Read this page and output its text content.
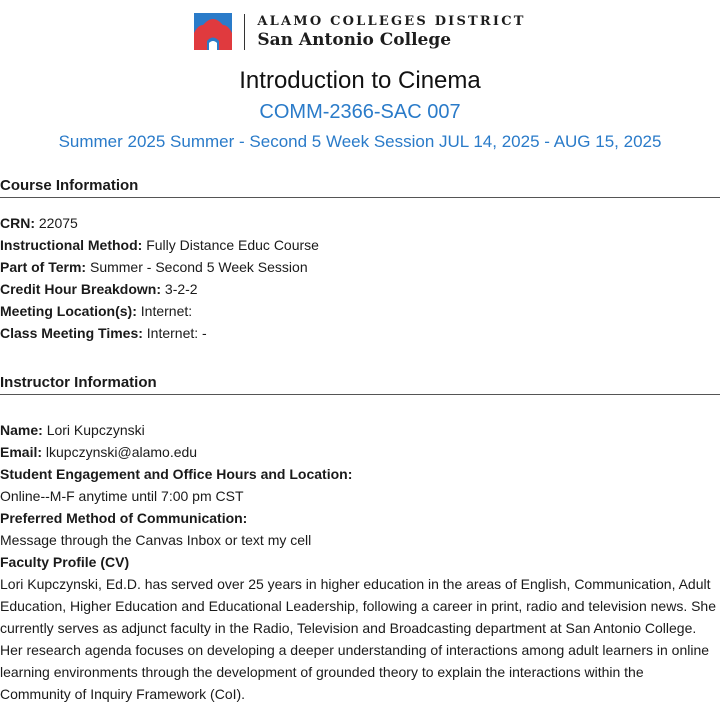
ALAMO COLLEGES DISTRICT
San Antonio College
Introduction to Cinema
COMM-2366-SAC 007
Summer 2025 Summer - Second 5 Week Session JUL 14, 2025 - AUG 15, 2025
Course Information
CRN: 22075
Instructional Method: Fully Distance Educ Course
Part of Term: Summer - Second 5 Week Session
Credit Hour Breakdown: 3-2-2
Meeting Location(s): Internet:
Class Meeting Times: Internet: -
Instructor Information
Name: Lori Kupczynski
Email: lkupczynski@alamo.edu
Student Engagement and Office Hours and Location:
Online--M-F anytime until 7:00 pm CST
Preferred Method of Communication:
Message through the Canvas Inbox or text my cell
Faculty Profile (CV)

Lori Kupczynski, Ed.D. has served over 25 years in higher education in the areas of English, Communication, Adult Education, Higher Education and Educational Leadership, following a career in print, radio and television news. She currently serves as adjunct faculty in the Radio, Television and Broadcasting department at San Antonio College. Her research agenda focuses on developing a deeper understanding of interactions among adult learners in online learning environments through the development of grounded theory to explain the interactions within the Community of Inquiry Framework (CoI).
